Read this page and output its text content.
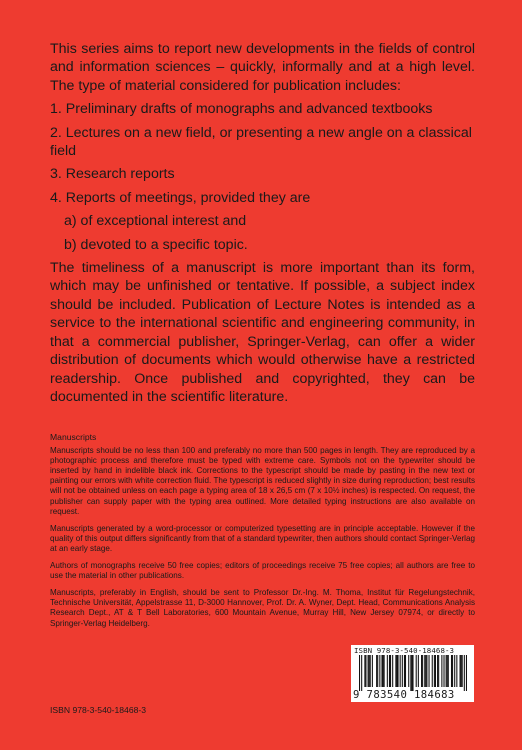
This series aims to report new developments in the fields of control and information sciences – quickly, informally and at a high level. The type of material considered for publication includes:

1. Preliminary drafts of monographs and advanced textbooks
2. Lectures on a new field, or presenting a new angle on a classical field
3. Research reports
4. Reports of meetings, provided they are
a) of exceptional interest and
b) devoted to a specific topic.

The timeliness of a manuscript is more important than its form, which may be unfinished or tentative. If possible, a subject index should be included. Publication of Lecture Notes is intended as a service to the international scientific and engineering community, in that a commercial publisher, Springer-Verlag, can offer a wider distribution of documents which would otherwise have a restricted readership. Once published and copyrighted, they can be documented in the scientific literature.

Manuscripts

Manuscripts should be no less than 100 and preferably no more than 500 pages in length. They are reproduced by a photographic process and therefore must be typed with extreme care. Symbols not on the typewriter should be inserted by hand in indelible black ink. Corrections to the typescript should be made by pasting in the new text or painting our errors with white correction fluid. The typescript is reduced slightly in size during reproduction; best results will not be obtained unless on each page a typing area of 18 x 26,5 cm (7 x 10½ inches) is respected. On request, the publisher can supply paper with the typing area outlined. More detailed typing instructions are also available on request.

Manuscripts generated by a word-processor or computerized typesetting are in principle acceptable. However if the quality of this output differs significantly from that of a standard typewriter, then authors should contact Springer-Verlag at an early stage.

Authors of monographs receive 50 free copies; editors of proceedings receive 75 free copies; all authors are free to use the material in other publications.

Manuscripts, preferably in English, should be sent to Professor Dr.-Ing. M. Thoma, Institut für Regelungstechnik, Technische Universität, Appelstrasse 11, D-3000 Hannover, Prof. Dr. A. Wyner, Dept. Head, Communications Analysis Research Dept., AT & T Bell Laboratories, 600 Mountain Avenue, Murray Hill, New Jersey 07974, or directly to Springer-Verlag Heidelberg.

ISBN 978-3-540-18468-3
9 783540 184683
ISBN 978-3-540-18468-3
